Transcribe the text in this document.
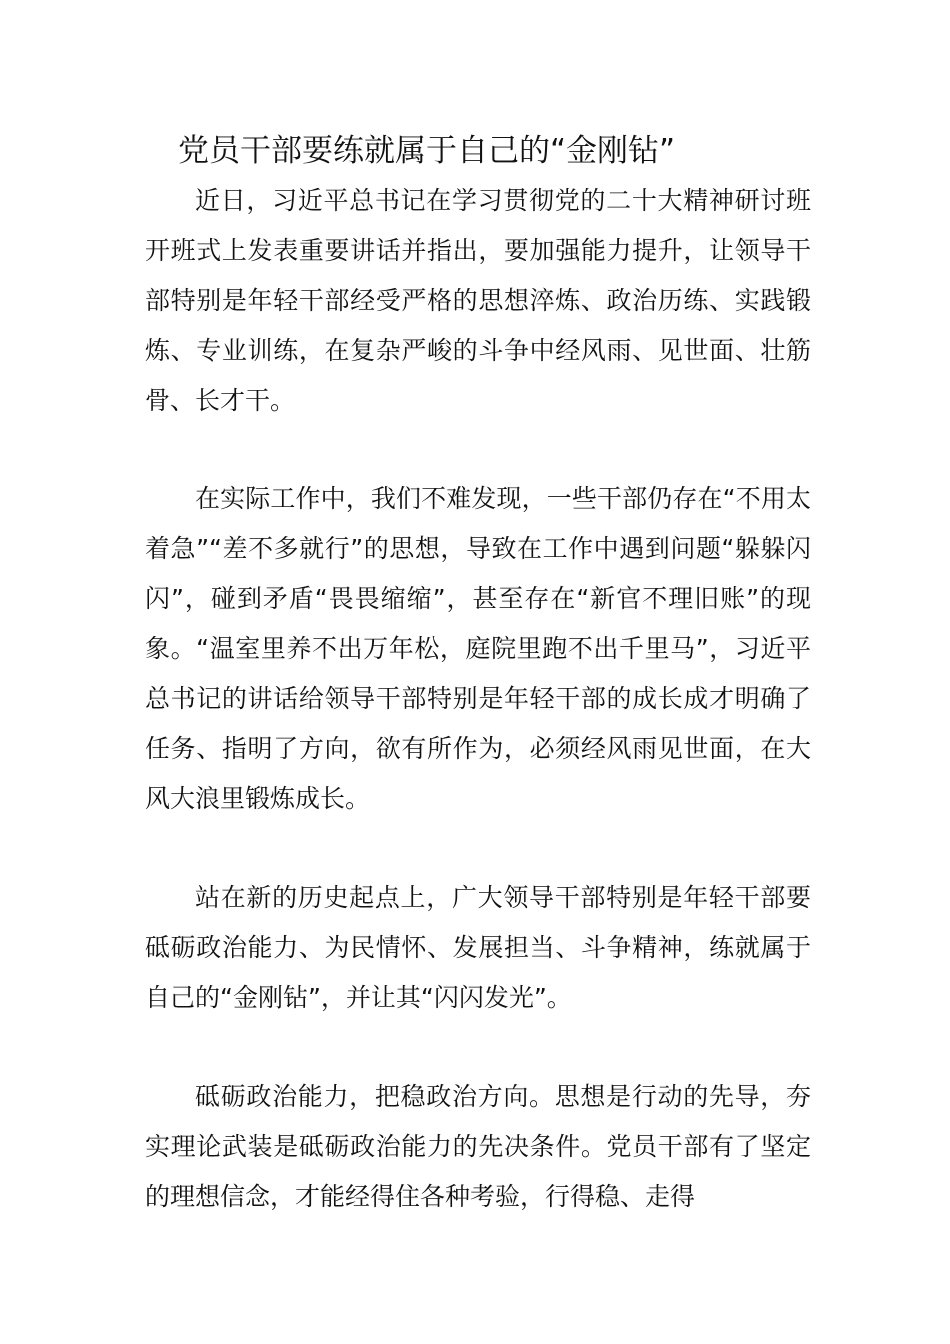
党员干部要练就属于自己的“金刚钻”

近日，习近平总书记在学习贯彻党的二十大精神研讨班开班式上发表重要讲话并指出，要加强能力提升，让领导干部特别是年轻干部经受严格的思想淬炼、政治历练、实践锻炼、专业训练，在复杂严峻的斗争中经风雨、见世面、壮筋骨、长才干。

在实际工作中，我们不难发现，一些干部仍存在“不用太着急”“差不多就行”的思想，导致在工作中遇到问题“躲躲闪闪”，碰到矛盾“畏畏缩缩”，甚至存在“新官不理旧账”的现象。“温室里养不出万年松，庭院里跑不出千里马”，习近平总书记的讲话给领导干部特别是年轻干部的成长成才明确了任务、指明了方向，欲有所作为，必须经风雨见世面，在大风大浪里锻炼成长。

站在新的历史起点上，广大领导干部特别是年轻干部要砥砺政治能力、为民情怀、发展担当、斗争精神，练就属于自己的“金刚钻”，并让其“闪闪发光”。

砥砺政治能力，把稳政治方向。思想是行动的先导，夯实理论武装是砥砺政治能力的先决条件。党员干部有了坚定的理想信念，才能经得住各种考验，行得稳、走得
